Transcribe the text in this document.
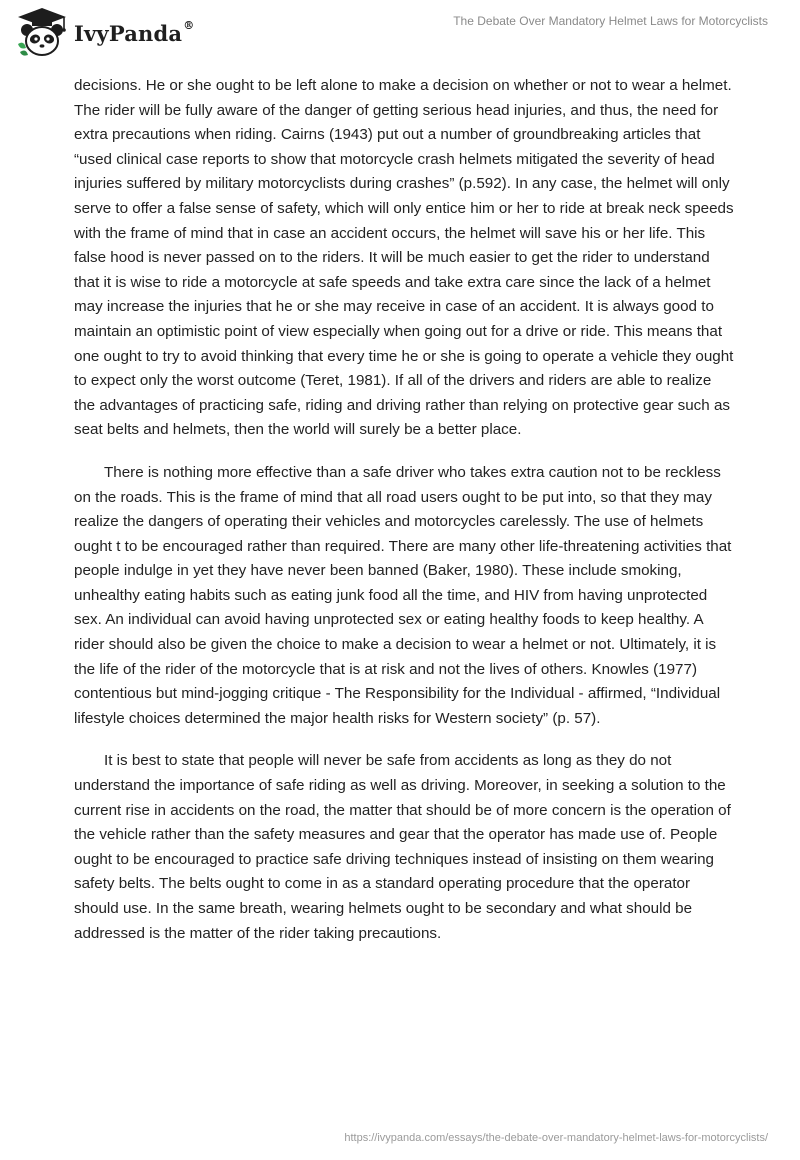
IvyPanda®	The Debate Over Mandatory Helmet Laws for Motorcyclists

decisions. He or she ought to be left alone to make a decision on whether or not to wear a helmet. The rider will be fully aware of the danger of getting serious head injuries, and thus, the need for extra precautions when riding. Cairns (1943) put out a number of groundbreaking articles that “used clinical case reports to show that motorcycle crash helmets mitigated the severity of head injuries suffered by military motorcyclists during crashes” (p.592). In any case, the helmet will only serve to offer a false sense of safety, which will only entice him or her to ride at break neck speeds with the frame of mind that in case an accident occurs, the helmet will save his or her life. This false hood is never passed on to the riders. It will be much easier to get the rider to understand that it is wise to ride a motorcycle at safe speeds and take extra care since the lack of a helmet may increase the injuries that he or she may receive in case of an accident. It is always good to maintain an optimistic point of view especially when going out for a drive or ride. This means that one ought to try to avoid thinking that every time he or she is going to operate a vehicle they ought to expect only the worst outcome (Teret, 1981). If all of the drivers and riders are able to realize the advantages of practicing safe, riding and driving rather than relying on protective gear such as seat belts and helmets, then the world will surely be a better place.

There is nothing more effective than a safe driver who takes extra caution not to be reckless on the roads. This is the frame of mind that all road users ought to be put into, so that they may realize the dangers of operating their vehicles and motorcycles carelessly. The use of helmets ought t to be encouraged rather than required. There are many other life-threatening activities that people indulge in yet they have never been banned (Baker, 1980). These include smoking, unhealthy eating habits such as eating junk food all the time, and HIV from having unprotected sex. An individual can avoid having unprotected sex or eating healthy foods to keep healthy. A rider should also be given the choice to make a decision to wear a helmet or not. Ultimately, it is the life of the rider of the motorcycle that is at risk and not the lives of others. Knowles (1977) contentious but mind-jogging critique - The Responsibility for the Individual - affirmed, “Individual lifestyle choices determined the major health risks for Western society” (p. 57).

It is best to state that people will never be safe from accidents as long as they do not understand the importance of safe riding as well as driving. Moreover, in seeking a solution to the current rise in accidents on the road, the matter that should be of more concern is the operation of the vehicle rather than the safety measures and gear that the operator has made use of. People ought to be encouraged to practice safe driving techniques instead of insisting on them wearing safety belts. The belts ought to come in as a standard operating procedure that the operator should use. In the same breath, wearing helmets ought to be secondary and what should be addressed is the matter of the rider taking precautions.

https://ivypanda.com/essays/the-debate-over-mandatory-helmet-laws-for-motorcyclists/
